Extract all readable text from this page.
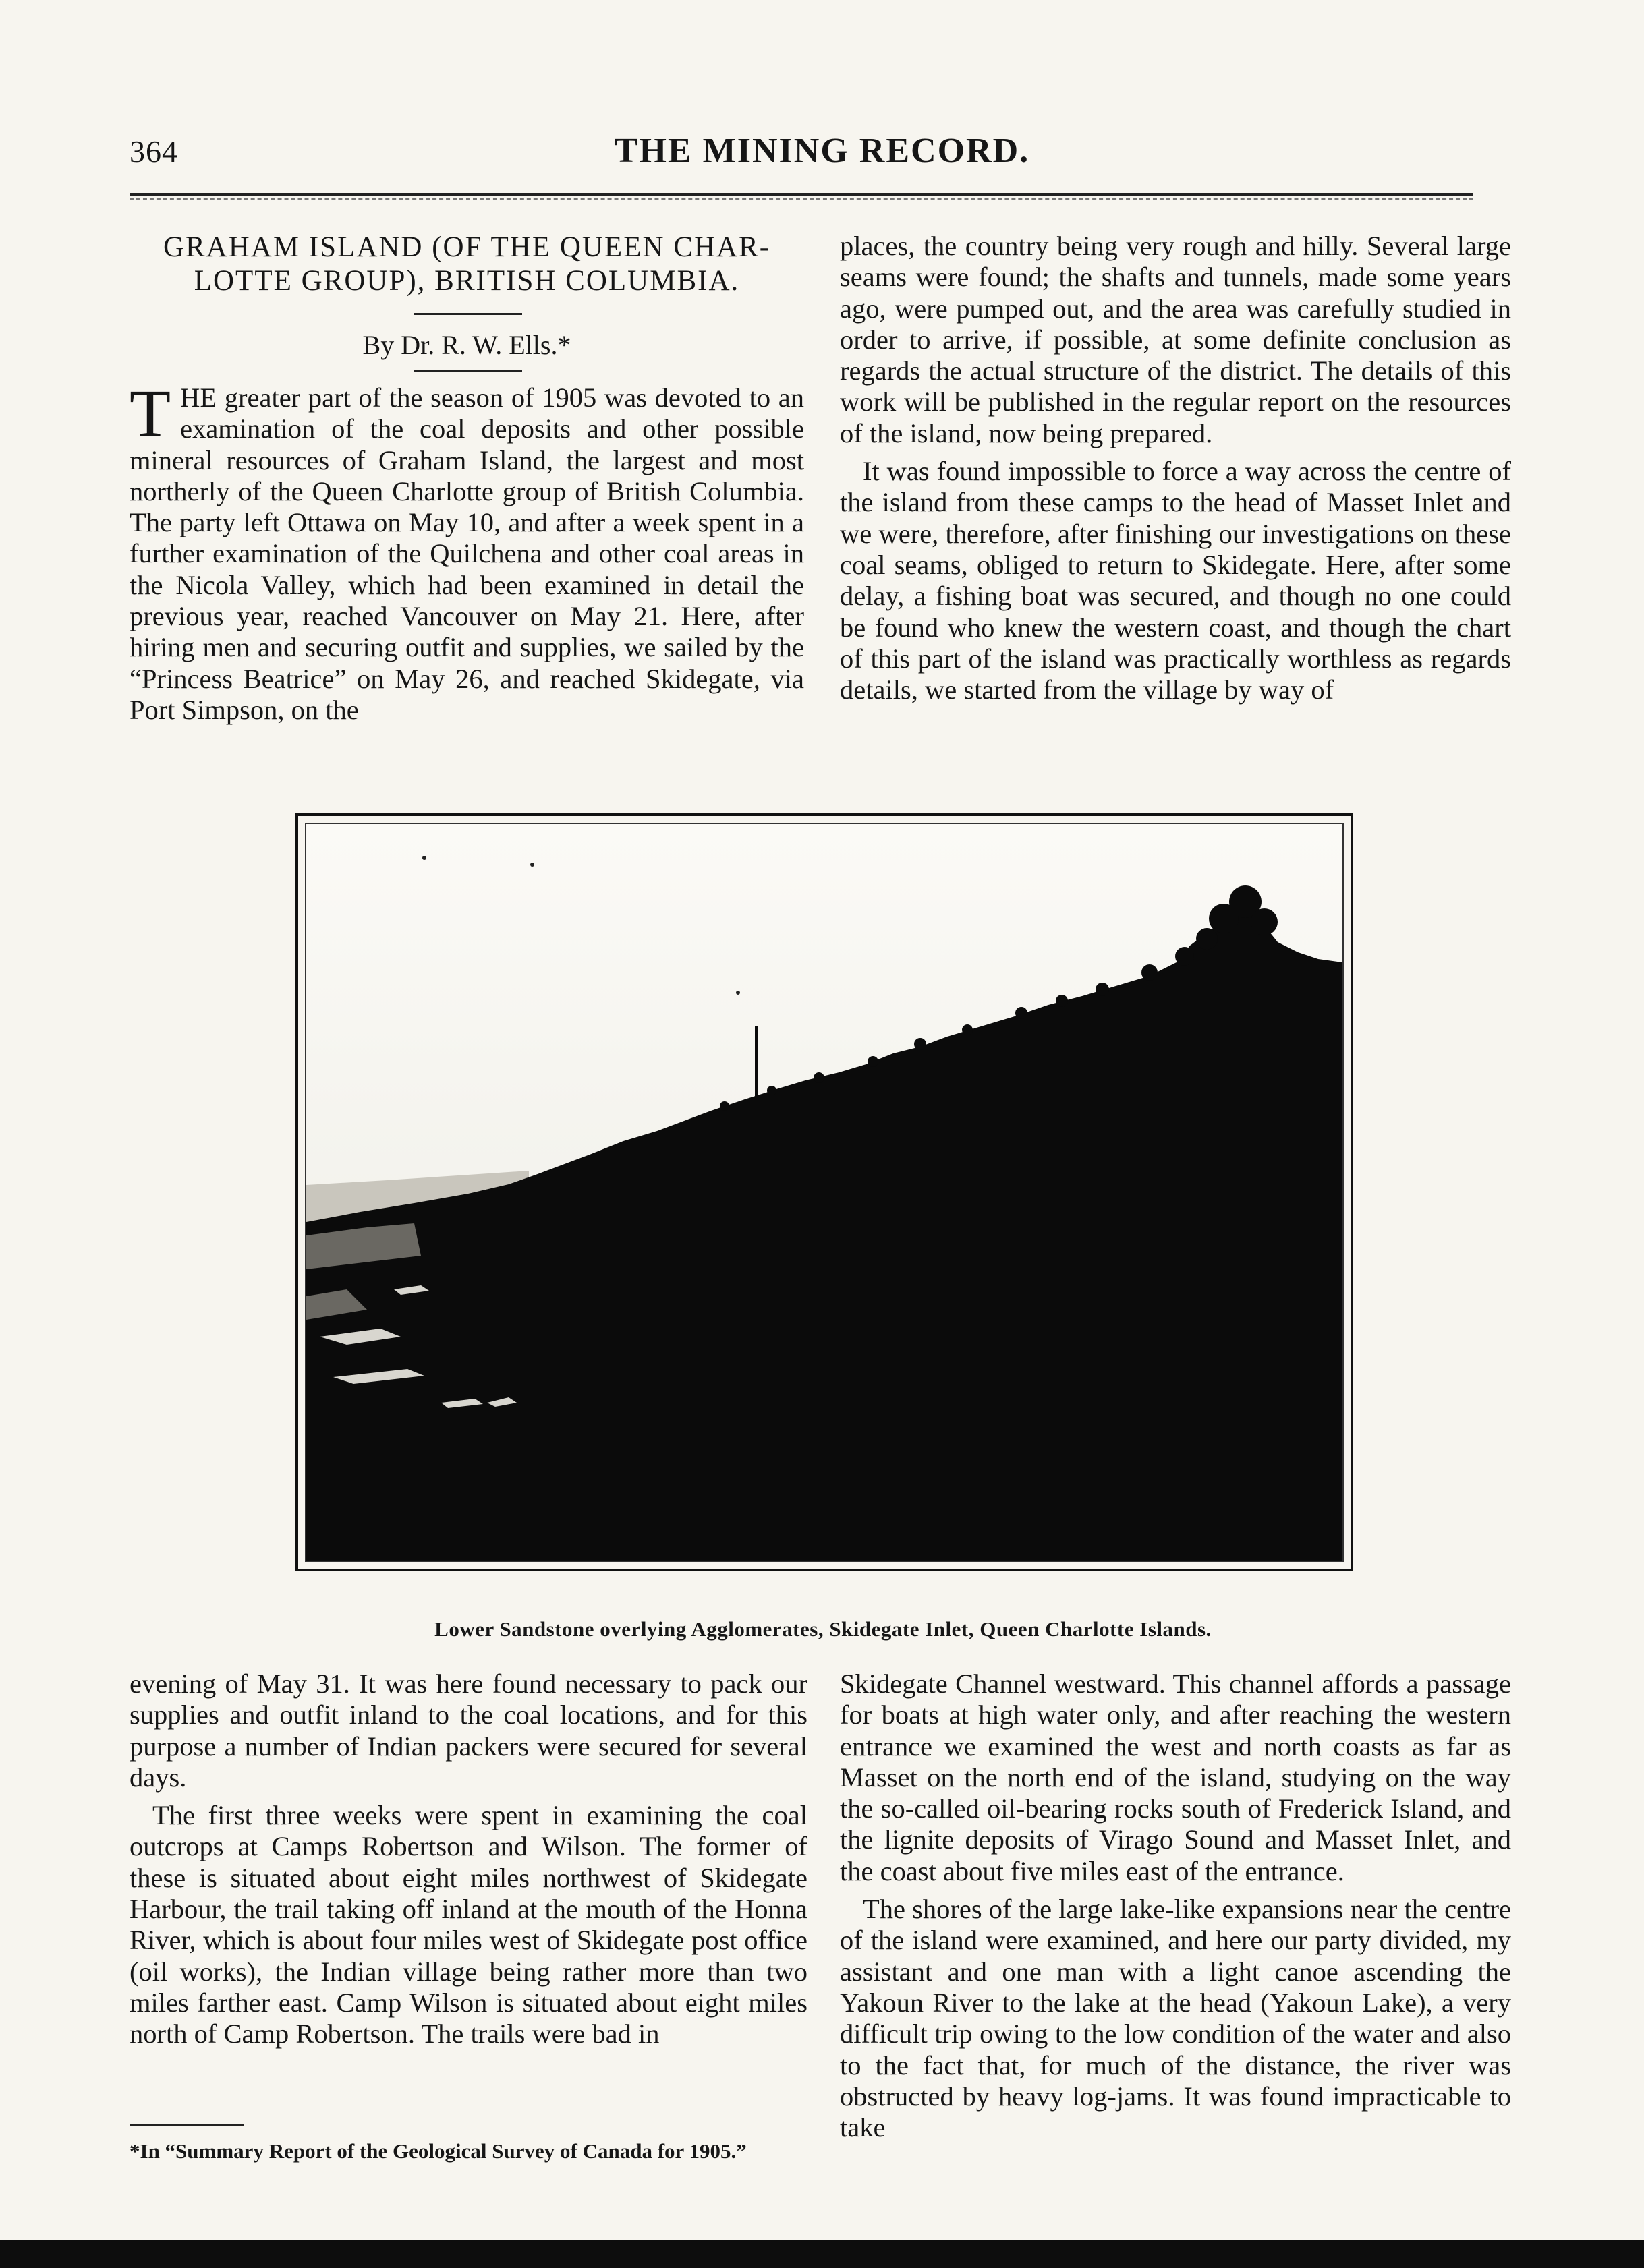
364	THE MINING RECORD.
GRAHAM ISLAND (OF THE QUEEN CHAR-
LOTTE GROUP), BRITISH COLUMBIA.
By Dr. R. W. Ells.*

THE greater part of the season of 1905 was devoted to an examination of the coal deposits and other possible mineral resources of Graham Island, the largest and most northerly of the Queen Charlotte group of British Columbia. The party left Ottawa on May 10, and after a week spent in a further examination of the Quilchena and other coal areas in the Nicola Valley, which had been examined in detail the previous year, reached Vancouver on May 21. Here, after hiring men and securing outfit and supplies, we sailed by the “Princess Beatrice” on May 26, and reached Skidegate, via Port Simpson, on the

places, the country being very rough and hilly. Several large seams were found; the shafts and tunnels, made some years ago, were pumped out, and the area was carefully studied in order to arrive, if possible, at some definite conclusion as regards the actual structure of the district. The details of this work will be published in the regular report on the resources of the island, now being prepared.

It was found impossible to force a way across the centre of the island from these camps to the head of Masset Inlet and we were, therefore, after finishing our investigations on these coal seams, obliged to return to Skidegate. Here, after some delay, a fishing boat was secured, and though no one could be found who knew the western coast, and though the chart of this part of the island was practically worthless as regards details, we started from the village by way of

Lower Sandstone overlying Agglomerates, Skidegate Inlet, Queen Charlotte Islands.

evening of May 31. It was here found necessary to pack our supplies and outfit inland to the coal locations, and for this purpose a number of Indian packers were secured for several days.

The first three weeks were spent in examining the coal outcrops at Camps Robertson and Wilson. The former of these is situated about eight miles northwest of Skidegate Harbour, the trail taking off inland at the mouth of the Honna River, which is about four miles west of Skidegate post office (oil works), the Indian village being rather more than two miles farther east. Camp Wilson is situated about eight miles north of Camp Robertson. The trails were bad in

Skidegate Channel westward. This channel affords a passage for boats at high water only, and after reaching the western entrance we examined the west and north coasts as far as Masset on the north end of the island, studying on the way the so-called oil-bearing rocks south of Frederick Island, and the lignite deposits of Virago Sound and Masset Inlet, and the coast about five miles east of the entrance.

The shores of the large lake-like expansions near the centre of the island were examined, and here our party divided, my assistant and one man with a light canoe ascending the Yakoun River to the lake at the head (Yakoun Lake), a very difficult trip owing to the low condition of the water and also to the fact that, for much of the distance, the river was obstructed by heavy log-jams. It was found impracticable to take

*In “Summary Report of the Geological Survey of Canada for 1905.”
